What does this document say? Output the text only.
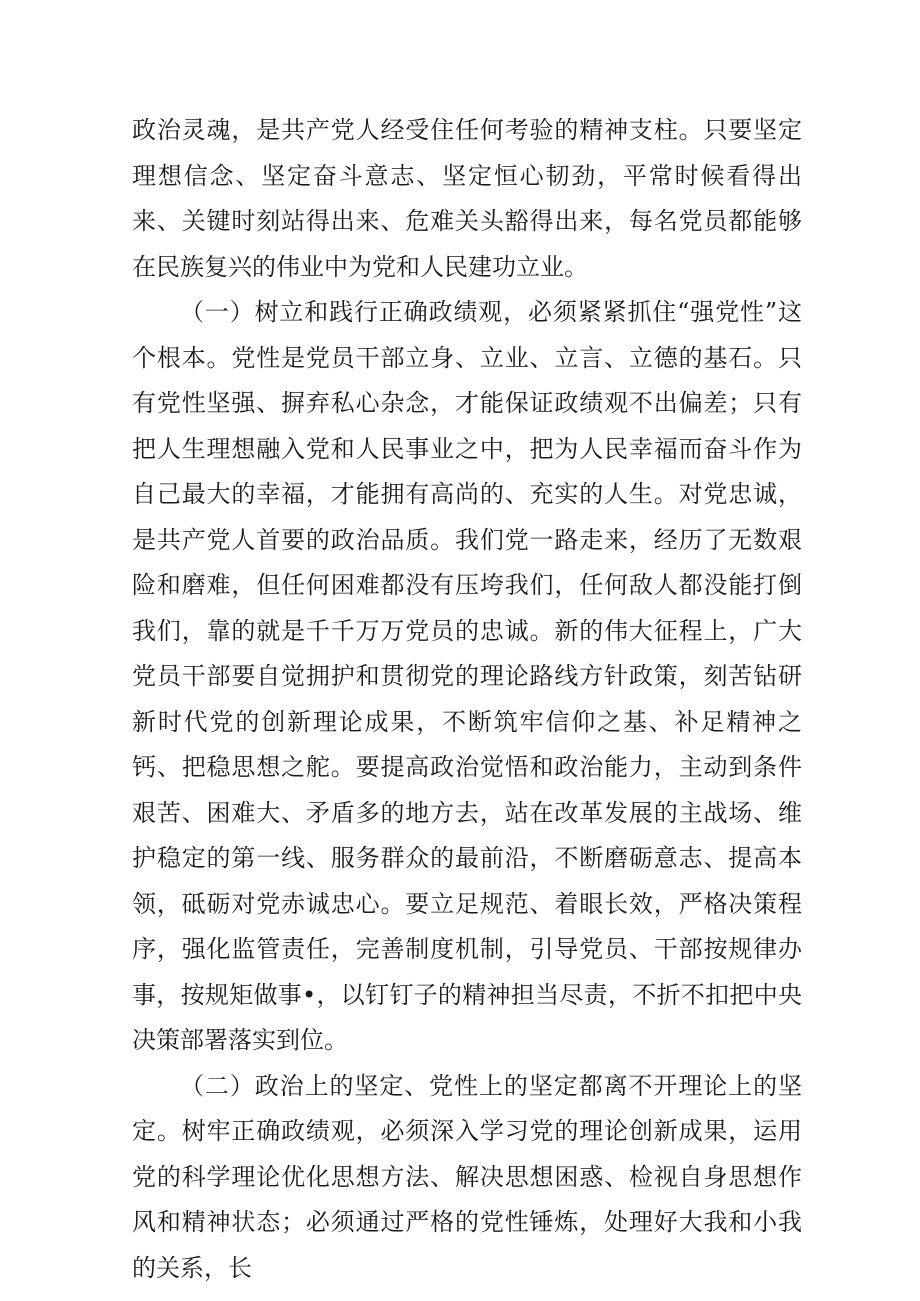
政治灵魂，是共产党人经受住任何考验的精神支柱。只要坚定理想信念、坚定奋斗意志、坚定恒心韧劲，平常时候看得出来、关键时刻站得出来、危难关头豁得出来，每名党员都能够在民族复兴的伟业中为党和人民建功立业。

（一）树立和践行正确政绩观，必须紧紧抓住“强党性”这个根本。党性是党员干部立身、立业、立言、立德的基石。只有党性坚强、摒弃私心杂念，才能保证政绩观不出偏差；只有把人生理想融入党和人民事业之中，把为人民幸福而奋斗作为自己最大的幸福，才能拥有高尚的、充实的人生。对党忠诚，是共产党人首要的政治品质。我们党一路走来，经历了无数艰险和磨难，但任何困难都没有压垮我们，任何敌人都没能打倒我们，靠的就是千千万万党员的忠诚。新的伟大征程上，广大党员干部要自觉拥护和贯彻党的理论路线方针政策，刻苦钻研新时代党的创新理论成果，不断筑牢信仰之基、补足精神之钙、把稳思想之舵。要提高政治觉悟和政治能力，主动到条件艰苦、困难大、矛盾多的地方去，站在改革发展的主战场、维护稳定的第一线、服务群众的最前沿，不断磨砺意志、提高本领，砥砺对党赤诚忠心。要立足规范、着眼长效，严格决策程序，强化监管责任，完善制度机制，引导党员、干部按规律办事，按规矩做事•，以钉钉子的精神担当尽责，不折不扣把中央决策部署落实到位。

（二）政治上的坚定、党性上的坚定都离不开理论上的坚定。树牢正确政绩观，必须深入学习党的理论创新成果，运用党的科学理论优化思想方法、解决思想困惑、检视自身思想作风和精神状态；必须通过严格的党性锤炼，处理好大我和小我的关系，长
